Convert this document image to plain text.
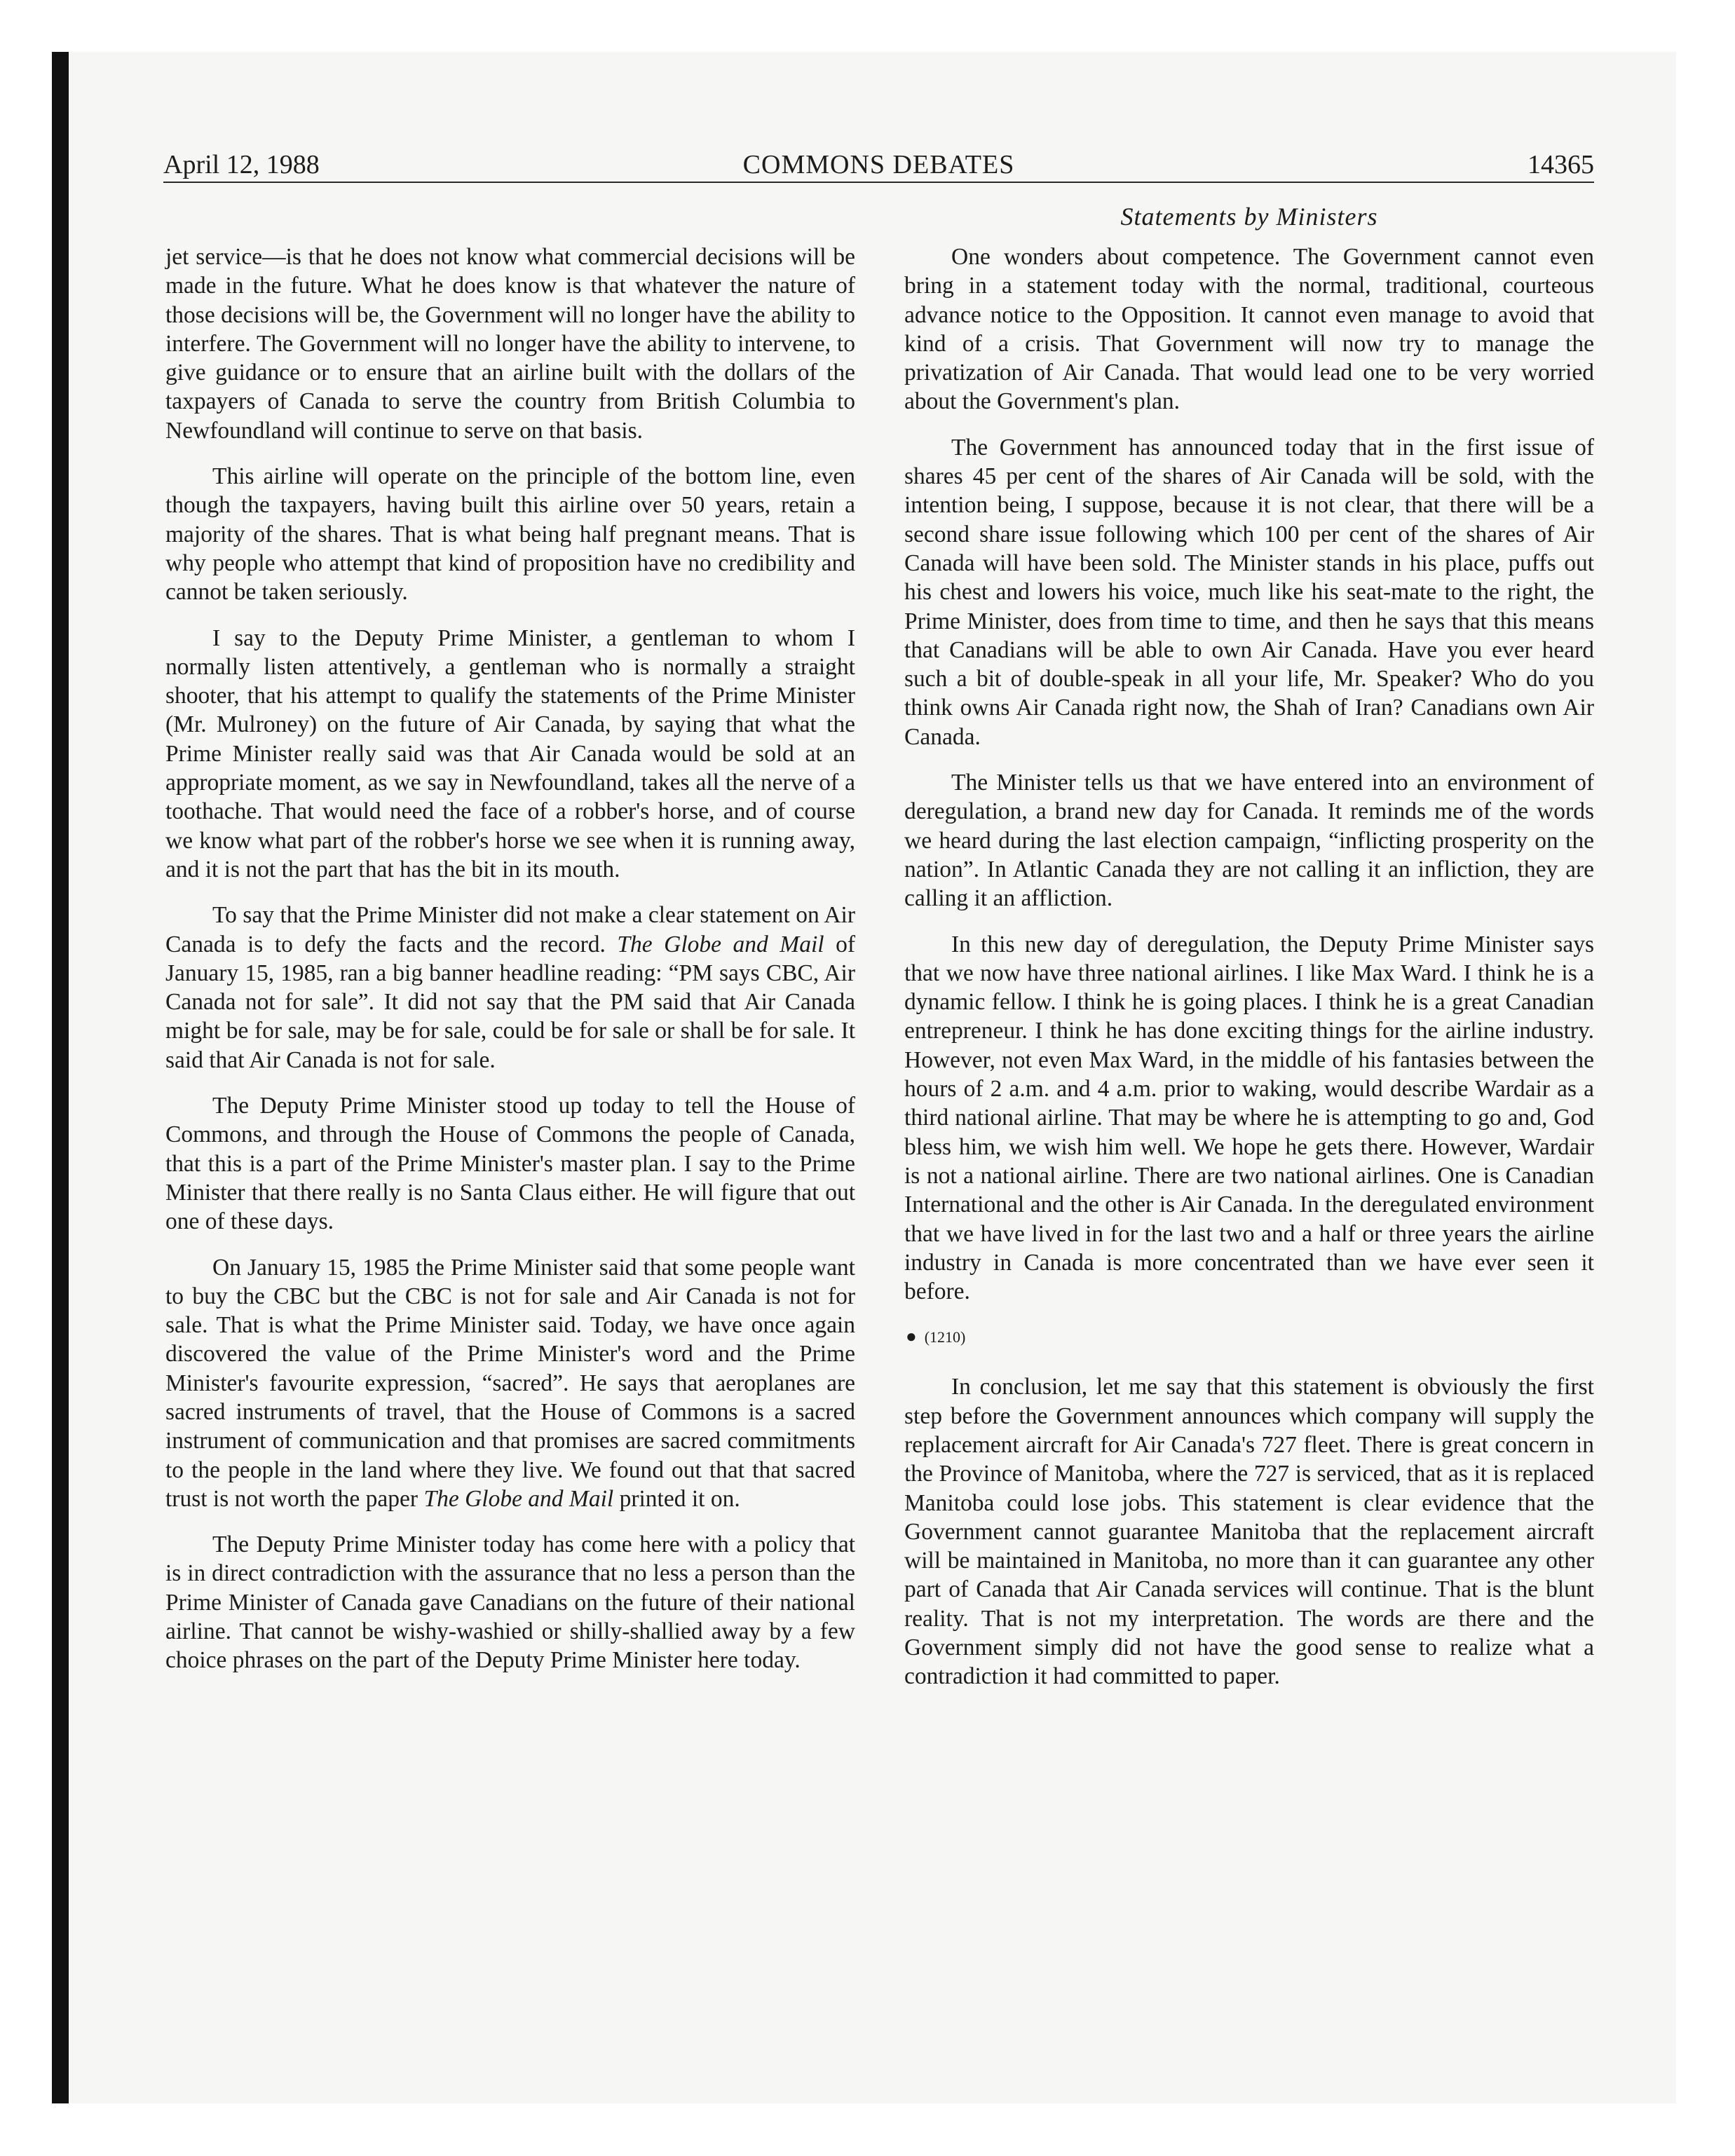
April 12, 1988	COMMONS DEBATES	14365
Statements by Ministers

jet service—is that he does not know what commercial decisions will be made in the future. What he does know is that whatever the nature of those decisions will be, the Government will no longer have the ability to interfere. The Government will no longer have the ability to intervene, to give guidance or to ensure that an airline built with the dollars of the taxpayers of Canada to serve the country from British Columbia to Newfoundland will continue to serve on that basis.

This airline will operate on the principle of the bottom line, even though the taxpayers, having built this airline over 50 years, retain a majority of the shares. That is what being half pregnant means. That is why people who attempt that kind of proposition have no credibility and cannot be taken seriously.

I say to the Deputy Prime Minister, a gentleman to whom I normally listen attentively, a gentleman who is normally a straight shooter, that his attempt to qualify the statements of the Prime Minister (Mr. Mulroney) on the future of Air Canada, by saying that what the Prime Minister really said was that Air Canada would be sold at an appropriate moment, as we say in Newfoundland, takes all the nerve of a toothache. That would need the face of a robber's horse, and of course we know what part of the robber's horse we see when it is running away, and it is not the part that has the bit in its mouth.

To say that the Prime Minister did not make a clear statement on Air Canada is to defy the facts and the record. The Globe and Mail of January 15, 1985, ran a big banner headline reading: “PM says CBC, Air Canada not for sale”. It did not say that the PM said that Air Canada might be for sale, may be for sale, could be for sale or shall be for sale. It said that Air Canada is not for sale.

The Deputy Prime Minister stood up today to tell the House of Commons, and through the House of Commons the people of Canada, that this is a part of the Prime Minister's master plan. I say to the Prime Minister that there really is no Santa Claus either. He will figure that out one of these days.

On January 15, 1985 the Prime Minister said that some people want to buy the CBC but the CBC is not for sale and Air Canada is not for sale. That is what the Prime Minister said. Today, we have once again discovered the value of the Prime Minister's word and the Prime Minister's favourite expression, “sacred”. He says that aeroplanes are sacred instruments of travel, that the House of Commons is a sacred instrument of communication and that promises are sacred commitments to the people in the land where they live. We found out that that sacred trust is not worth the paper The Globe and Mail printed it on.

The Deputy Prime Minister today has come here with a policy that is in direct contradiction with the assurance that no less a person than the Prime Minister of Canada gave Canadians on the future of their national airline. That cannot be wishy-washied or shilly-shallied away by a few choice phrases on the part of the Deputy Prime Minister here today.

One wonders about competence. The Government cannot even bring in a statement today with the normal, traditional, courteous advance notice to the Opposition. It cannot even manage to avoid that kind of a crisis. That Government will now try to manage the privatization of Air Canada. That would lead one to be very worried about the Government's plan.

The Government has announced today that in the first issue of shares 45 per cent of the shares of Air Canada will be sold, with the intention being, I suppose, because it is not clear, that there will be a second share issue following which 100 per cent of the shares of Air Canada will have been sold. The Minister stands in his place, puffs out his chest and lowers his voice, much like his seat-mate to the right, the Prime Minister, does from time to time, and then he says that this means that Canadians will be able to own Air Canada. Have you ever heard such a bit of double-speak in all your life, Mr. Speaker? Who do you think owns Air Canada right now, the Shah of Iran? Canadians own Air Canada.

The Minister tells us that we have entered into an environment of deregulation, a brand new day for Canada. It reminds me of the words we heard during the last election campaign, “inflicting prosperity on the nation”. In Atlantic Canada they are not calling it an infliction, they are calling it an affliction.

In this new day of deregulation, the Deputy Prime Minister says that we now have three national airlines. I like Max Ward. I think he is a dynamic fellow. I think he is going places. I think he is a great Canadian entrepreneur. I think he has done exciting things for the airline industry. However, not even Max Ward, in the middle of his fantasies between the hours of 2 a.m. and 4 a.m. prior to waking, would describe Wardair as a third national airline. That may be where he is attempting to go and, God bless him, we wish him well. We hope he gets there. However, Wardair is not a national airline. There are two national airlines. One is Canadian International and the other is Air Canada. In the deregulated environment that we have lived in for the last two and a half or three years the airline industry in Canada is more concentrated than we have ever seen it before.

● (1210)

In conclusion, let me say that this statement is obviously the first step before the Government announces which company will supply the replacement aircraft for Air Canada's 727 fleet. There is great concern in the Province of Manitoba, where the 727 is serviced, that as it is replaced Manitoba could lose jobs. This statement is clear evidence that the Government cannot guarantee Manitoba that the replacement aircraft will be maintained in Manitoba, no more than it can guarantee any other part of Canada that Air Canada services will continue. That is the blunt reality. That is not my interpretation. The words are there and the Government simply did not have the good sense to realize what a contradiction it had committed to paper.
